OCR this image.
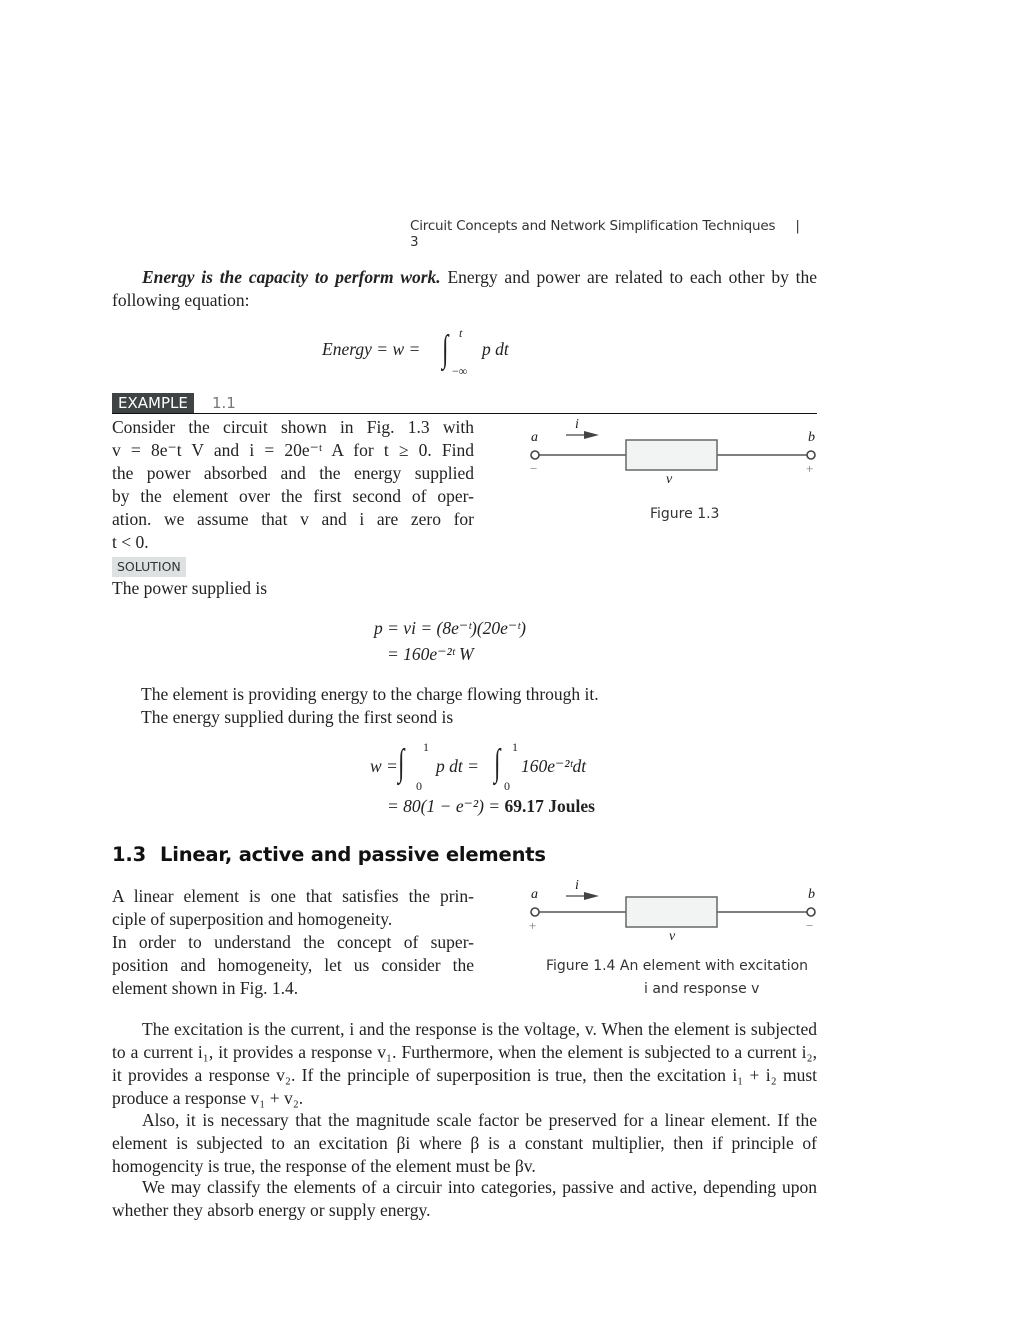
Circuit Concepts and Network Simplification Techniques |3
Energy is the capacity to perform work. Energy and power are related to each other by the following equation:
Energy = w = ∫ t
−∞
p dt
EXAMPLE	1.1
Consider the circuit shown in Fig. 1.3 with
v = 8e⁻t V and i = 20e⁻ᵗ A for t ≥ 0. Find
the power absorbed and the energy supplied
by the element over the first second of oper-
ation. we assume that v and i are zero for
t < 0.
a	b
−	+
i
v
Figure 1.3
SOLUTION
The power supplied is
p = vi = (8e⁻ᵗ)(20e⁻ᵗ)
= 160e⁻²ᵗ W
The element is providing energy to the charge flowing through it.
The energy supplied during the first seond is
w = ∫ 1
0
p dt = ∫ 1
0
160e⁻²ᵗdt
= 80(1 − e⁻²) = 69.17 Joules
1.3 Linear, active and passive elements
A linear element is one that satisfies the prin-
ciple of superposition and homogeneity.
In order to understand the concept of super-
position and homogeneity, let us consider the
element shown in Fig. 1.4.
a	b
+	−
i
v
Figure 1.4 An element with excitation
i and response v
The excitation is the current, i and the response is the voltage, v. When the element is subjected to a current i₁, it provides a response v₁. Furthermore, when the element is subjected to a current i₂, it provides a response v₂. If the principle of superposition is true, then the excitation i₁ + i₂ must produce a response v₁ + v₂.
Also, it is necessary that the magnitude scale factor be preserved for a linear element. If the element is subjected to an excitation βi where β is a constant multiplier, then if principle of homogencity is true, the response of the element must be βv.
We may classify the elements of a circuir into categories, passive and active, depending upon whether they absorb energy or supply energy.
